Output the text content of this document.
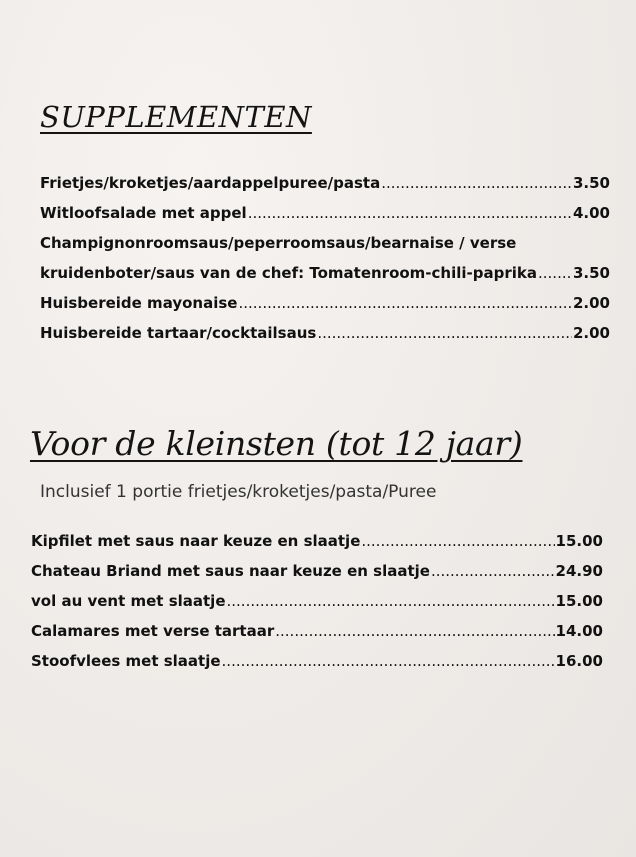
SUPPLEMENTEN
Frietjes/kroketjes/aardappelpuree/pasta .....	3.50
Witloofsalade met appel .....	4.00
Champignonroomsaus/peperroomsaus/bearnaise / verse
kruidenboter/saus van de chef: Tomatenroom-chili-paprika ..... 3.50
Huisbereide mayonaise .....	2.00
Huisbereide tartaar/cocktailsaus .....	2.00
Voor de kleinsten (tot 12 jaar)
Inclusief 1 portie frietjes/kroketjes/pasta/Puree
Kipfilet met saus naar keuze en slaatje .....	15.00
Chateau Briand met saus naar keuze en slaatje .....	24.90
vol au vent met slaatje .....	15.00
Calamares met verse tartaar .....	14.00
Stoofvlees met slaatje .....	16.00
